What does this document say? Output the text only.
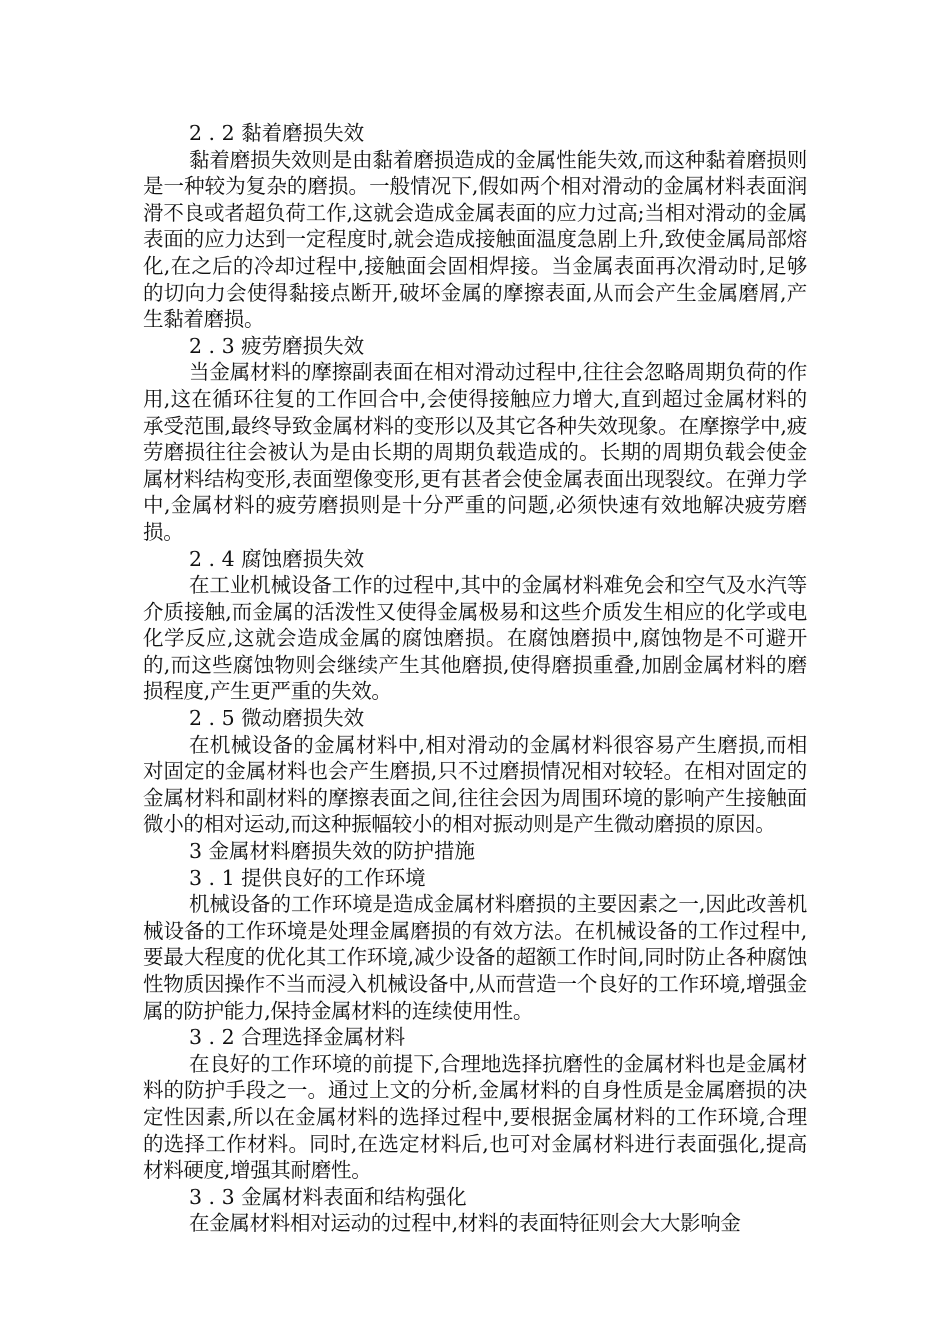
2 . 2 黏着磨损失效

黏着磨损失效则是由黏着磨损造成的金属性能失效,而这种黏着磨损则是一种较为复杂的磨损。一般情况下,假如两个相对滑动的金属材料表面润滑不良或者超负荷工作,这就会造成金属表面的应力过高;当相对滑动的金属表面的应力达到一定程度时,就会造成接触面温度急剧上升,致使金属局部熔化,在之后的冷却过程中,接触面会固相焊接。当金属表面再次滑动时,足够的切向力会使得黏接点断开,破坏金属的摩擦表面,从而会产生金属磨屑,产生黏着磨损。

2 . 3 疲劳磨损失效

当金属材料的摩擦副表面在相对滑动过程中,往往会忽略周期负荷的作用,这在循环往复的工作回合中,会使得接触应力增大,直到超过金属材料的承受范围,最终导致金属材料的变形以及其它各种失效现象。在摩擦学中,疲劳磨损往往会被认为是由长期的周期负载造成的。长期的周期负载会使金属材料结构变形,表面塑像变形,更有甚者会使金属表面出现裂纹。在弹力学中,金属材料的疲劳磨损则是十分严重的问题,必须快速有效地解决疲劳磨损。

2 . 4 腐蚀磨损失效

在工业机械设备工作的过程中,其中的金属材料难免会和空气及水汽等介质接触,而金属的活泼性又使得金属极易和这些介质发生相应的化学或电化学反应,这就会造成金属的腐蚀磨损。在腐蚀磨损中,腐蚀物是不可避开的,而这些腐蚀物则会继续产生其他磨损,使得磨损重叠,加剧金属材料的磨损程度,产生更严重的失效。

2 . 5 微动磨损失效

在机械设备的金属材料中,相对滑动的金属材料很容易产生磨损,而相对固定的金属材料也会产生磨损,只不过磨损情况相对较轻。在相对固定的金属材料和副材料的摩擦表面之间,往往会因为周围环境的影响产生接触面微小的相对运动,而这种振幅较小的相对振动则是产生微动磨损的原因。

3 金属材料磨损失效的防护措施

3 . 1 提供良好的工作环境

机械设备的工作环境是造成金属材料磨损的主要因素之一,因此改善机械设备的工作环境是处理金属磨损的有效方法。在机械设备的工作过程中,要最大程度的优化其工作环境,减少设备的超额工作时间,同时防止各种腐蚀性物质因操作不当而浸入机械设备中,从而营造一个良好的工作环境,增强金属的防护能力,保持金属材料的连续使用性。

3 . 2 合理选择金属材料

在良好的工作环境的前提下,合理地选择抗磨性的金属材料也是金属材料的防护手段之一。通过上文的分析,金属材料的自身性质是金属磨损的决定性因素,所以在金属材料的选择过程中,要根据金属材料的工作环境,合理的选择工作材料。同时,在选定材料后,也可对金属材料进行表面强化,提高材料硬度,增强其耐磨性。

3 . 3 金属材料表面和结构强化

在金属材料相对运动的过程中,材料的表面特征则会大大影响金
